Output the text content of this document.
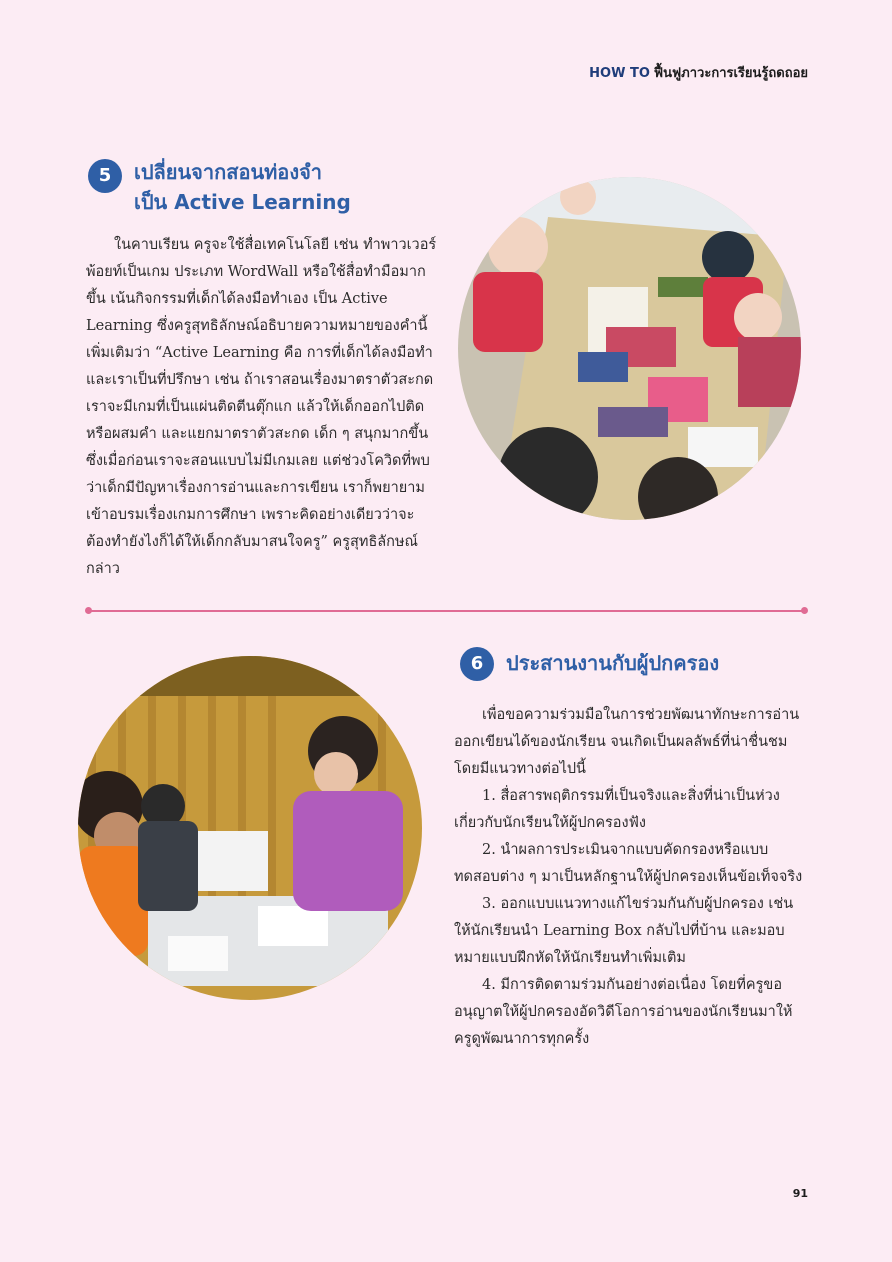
HOW TO ฟื้นฟูภาวะการเรียนรู้ถดถอย
5	เปลี่ยนจากสอนท่องจำ
เป็น Active Learning

ในคาบเรียน ครูจะใช้สื่อเทคโนโลยี เช่น ทำพาวเวอร์พ้อยท์เป็นเกม ประเภท WordWall หรือใช้สื่อทำมือมากขึ้น เน้นกิจกรรมที่เด็กได้ลงมือทำเอง เป็น Active Learning ซึ่งครูสุทธิลักษณ์อธิบายความหมายของคำนี้เพิ่มเติมว่า “Active Learning คือ การที่เด็กได้ลงมือทำและเราเป็นที่ปรึกษา เช่น ถ้าเราสอนเรื่องมาตราตัวสะกด เราจะมีเกมที่เป็นแผ่นติดตีนตุ๊กแก แล้วให้เด็กออกไปติดหรือผสมคำ และแยกมาตราตัวสะกด เด็ก ๆ สนุกมากขึ้น ซึ่งเมื่อก่อนเราจะสอนแบบไม่มีเกมเลย แต่ช่วงโควิดที่พบว่าเด็กมีปัญหาเรื่องการอ่านและการเขียน เราก็พยายามเข้าอบรมเรื่องเกมการศึกษา เพราะคิดอย่างเดียวว่าจะต้องทำยังไงก็ได้ให้เด็กกลับมาสนใจครู” ครูสุทธิลักษณ์กล่าว

6	ประสานงานกับผู้ปกครอง

เพื่อขอความร่วมมือในการช่วยพัฒนาทักษะการอ่านออกเขียนได้ของนักเรียน จนเกิดเป็นผลลัพธ์ที่น่าชื่นชม โดยมีแนวทางต่อไปนี้

1. สื่อสารพฤติกรรมที่เป็นจริงและสิ่งที่น่าเป็นห่วงเกี่ยวกับนักเรียนให้ผู้ปกครองฟัง

2. นำผลการประเมินจากแบบคัดกรองหรือแบบทดสอบต่าง ๆ มาเป็นหลักฐานให้ผู้ปกครองเห็นข้อเท็จจริง

3. ออกแบบแนวทางแก้ไขร่วมกันกับผู้ปกครอง เช่น ให้นักเรียนนำ Learning Box กลับไปที่บ้าน และมอบหมายแบบฝึกหัดให้นักเรียนทำเพิ่มเติม

4. มีการติดตามร่วมกันอย่างต่อเนื่อง โดยที่ครูขออนุญาตให้ผู้ปกครองอัดวิดีโอการอ่านของนักเรียนมาให้ครูดูพัฒนาการทุกครั้ง

91
